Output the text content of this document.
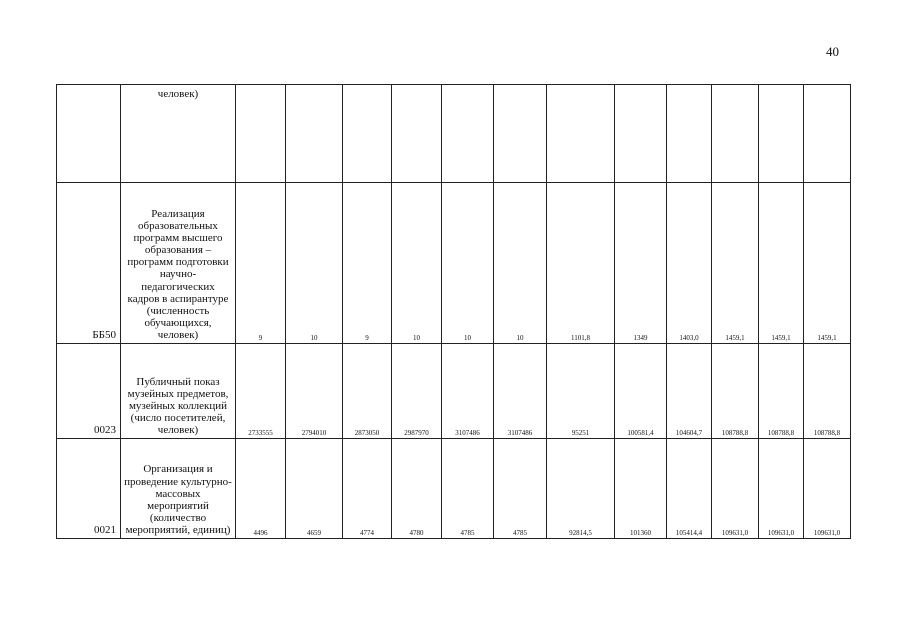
40
	человек)												
ББ50	Реализация образовательных программ высшего образования – программ подготовки научно-педагогических кадров в аспирантуре (численность обучающихся, человек)	9	10	9	10	10	10	1101,8	1349	1403,0	1459,1	1459,1	1459,1
0023	Публичный показ музейных предметов, музейных коллекций (число посетителей, человек)	2733555	2794010	2873050	2987970	3107486	3107486	95251	100581,4	104604,7	108788,8	108788,8	108788,8
0021	Организация и проведение культурно-массовых мероприятий (количество мероприятий, единиц)	4496	4659	4774	4780	4785	4785	92814,5	101360	105414,4	109631,0	109631,0	109631,0
